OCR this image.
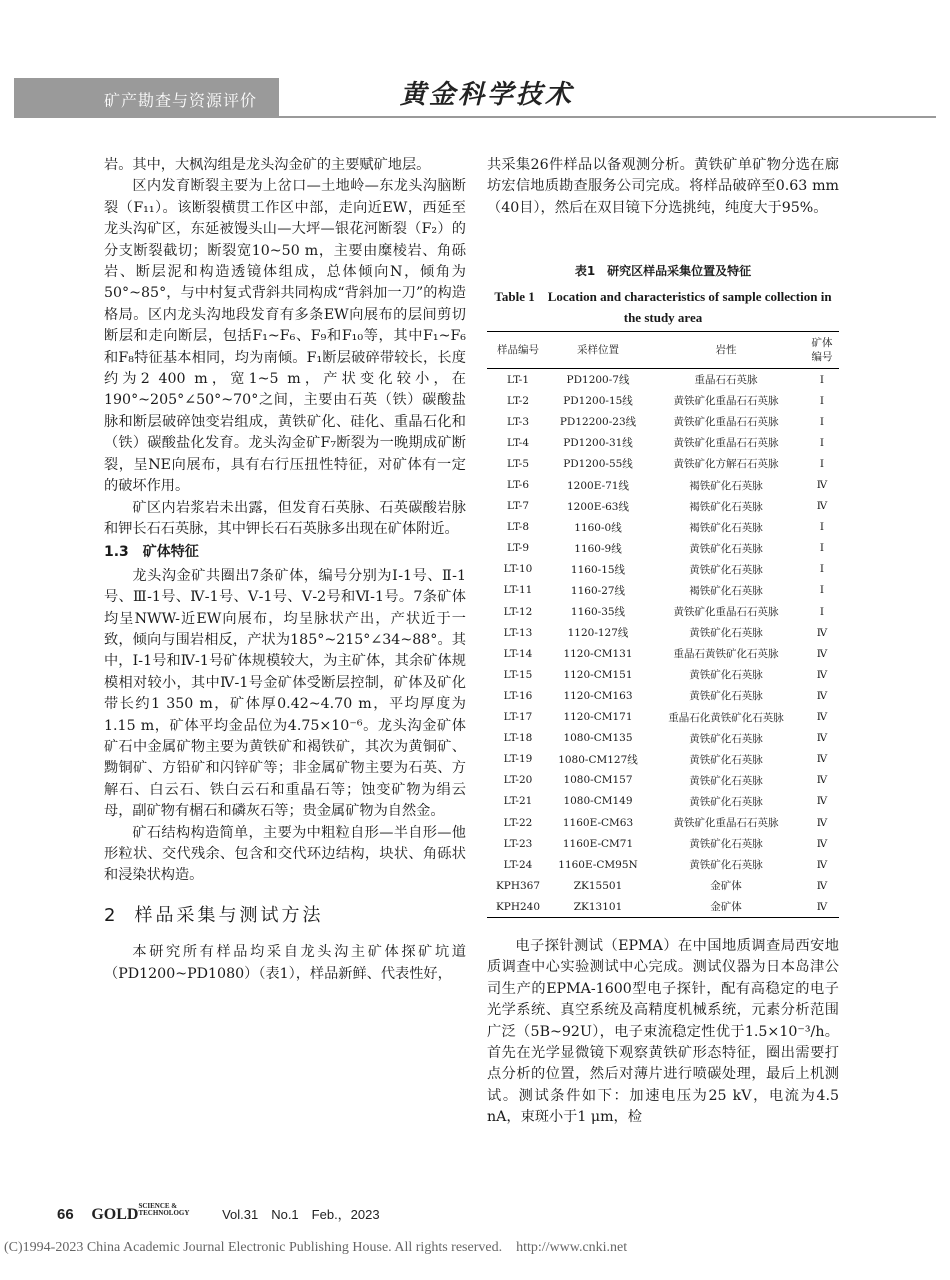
矿产勘查与资源评价	黄金科学技术

岩。其中，大枫沟组是龙头沟金矿的主要赋矿地层。

区内发育断裂主要为上岔口—土地岭—东龙头沟脑断裂（F₁₁）。该断裂横贯工作区中部，走向近EW，西延至龙头沟矿区，东延被馒头山—大坪—银花河断裂（F₂）的分支断裂截切；断裂宽10~50 m，主要由糜棱岩、角砾岩、断层泥和构造透镜体组成，总体倾向N，倾角为50°~85°，与中村复式背斜共同构成“背斜加一刀”的构造格局。区内龙头沟地段发育有多条EW向展布的层间剪切断层和走向断层，包括F₁~F₆、F₉和F₁₀等，其中F₁~F₆和F₈特征基本相同，均为南倾。F₁断层破碎带较长，长度约为2 400 m，宽1~5 m，产状变化较小，在190°~205°∠50°~70°之间，主要由石英（铁）碳酸盐脉和断层破碎蚀变岩组成，黄铁矿化、硅化、重晶石化和（铁）碳酸盐化发育。龙头沟金矿F₇断裂为一晚期成矿断裂，呈NE向展布，具有右行压扭性特征，对矿体有一定的破坏作用。

矿区内岩浆岩未出露，但发育石英脉、石英碳酸岩脉和钾长石石英脉，其中钾长石石英脉多出现在矿体附近。

1.3　矿体特征

龙头沟金矿共圈出7条矿体，编号分别为Ⅰ-1号、Ⅱ-1号、Ⅲ-1号、Ⅳ-1号、Ⅴ-1号、Ⅴ-2号和Ⅵ-1号。7条矿体均呈NWW-近EW向展布，均呈脉状产出，产状近于一致，倾向与围岩相反，产状为185°~215°∠34~88°。其中，Ⅰ-1号和Ⅳ-1号矿体规模较大，为主矿体，其余矿体规模相对较小，其中Ⅳ-1号金矿体受断层控制，矿体及矿化带长约1 350 m，矿体厚0.42~4.70 m，平均厚度为1.15 m，矿体平均金品位为4.75×10⁻⁶。龙头沟金矿体矿石中金属矿物主要为黄铁矿和褐铁矿，其次为黄铜矿、黝铜矿、方铅矿和闪锌矿等；非金属矿物主要为石英、方解石、白云石、铁白云石和重晶石等；蚀变矿物为绢云母，副矿物有榍石和磷灰石等；贵金属矿物为自然金。

矿石结构构造简单，主要为中粗粒自形—半自形—他形粒状、交代残余、包含和交代环边结构，块状、角砾状和浸染状构造。

2 样品采集与测试方法

本研究所有样品均采自龙头沟主矿体探矿坑道（PD1200~PD1080）（表1），样品新鲜、代表性好，

共采集26件样品以备观测分析。黄铁矿单矿物分选在廊坊宏信地质勘查服务公司完成。将样品破碎至0.63 mm（40目），然后在双目镜下分选挑纯，纯度大于95%。

表1　研究区样品采集位置及特征
Table 1　Location and characteristics of sample collection in the study area
样品编号	采样位置	岩性	矿体编号
LT-1	PD1200-7线	重晶石石英脉	Ⅰ
LT-2	PD1200-15线	黄铁矿化重晶石石英脉	Ⅰ
LT-3	PD12200-23线	黄铁矿化重晶石石英脉	Ⅰ
LT-4	PD1200-31线	黄铁矿化重晶石石英脉	Ⅰ
LT-5	PD1200-55线	黄铁矿化方解石石英脉	Ⅰ
LT-6	1200E-71线	褐铁矿化石英脉	Ⅳ
LT-7	1200E-63线	褐铁矿化石英脉	Ⅳ
LT-8	1160-0线	褐铁矿化石英脉	Ⅰ
LT-9	1160-9线	黄铁矿化石英脉	Ⅰ
LT-10	1160-15线	黄铁矿化石英脉	Ⅰ
LT-11	1160-27线	褐铁矿化石英脉	Ⅰ
LT-12	1160-35线	黄铁矿化重晶石石英脉	Ⅰ
LT-13	1120-127线	黄铁矿化石英脉	Ⅳ
LT-14	1120-CM131	重晶石黄铁矿化石英脉	Ⅳ
LT-15	1120-CM151	黄铁矿化石英脉	Ⅳ
LT-16	1120-CM163	黄铁矿化石英脉	Ⅳ
LT-17	1120-CM171	重晶石化黄铁矿化石英脉	Ⅳ
LT-18	1080-CM135	黄铁矿化石英脉	Ⅳ
LT-19	1080-CM127线	黄铁矿化石英脉	Ⅳ
LT-20	1080-CM157	黄铁矿化石英脉	Ⅳ
LT-21	1080-CM149	黄铁矿化石英脉	Ⅳ
LT-22	1160E-CM63	黄铁矿化重晶石石英脉	Ⅳ
LT-23	1160E-CM71	黄铁矿化石英脉	Ⅳ
LT-24	1160E-CM95N	黄铁矿化石英脉	Ⅳ
KPH367	ZK15501	金矿体	Ⅳ
KPH240	ZK13101	金矿体	Ⅳ

电子探针测试（EPMA）在中国地质调查局西安地质调查中心实验测试中心完成。测试仪器为日本岛津公司生产的EPMA-1600型电子探针，配有高稳定的电子光学系统、真空系统及高精度机械系统，元素分析范围广泛（5B~92U），电子束流稳定性优于1.5×10⁻³/h。首先在光学显微镜下观察黄铁矿形态特征，圈出需要打点分析的位置，然后对薄片进行喷碳处理，最后上机测试。测试条件如下：加速电压为25 kV，电流为4.5 nA，束斑小于1 μm，检

66 GOLDSCIENCE & TECHNOLOGY	Vol.31　No.1　Feb.，2023
(C)1994-2023 China Academic Journal Electronic Publishing House. All rights reserved.　http://www.cnki.net
